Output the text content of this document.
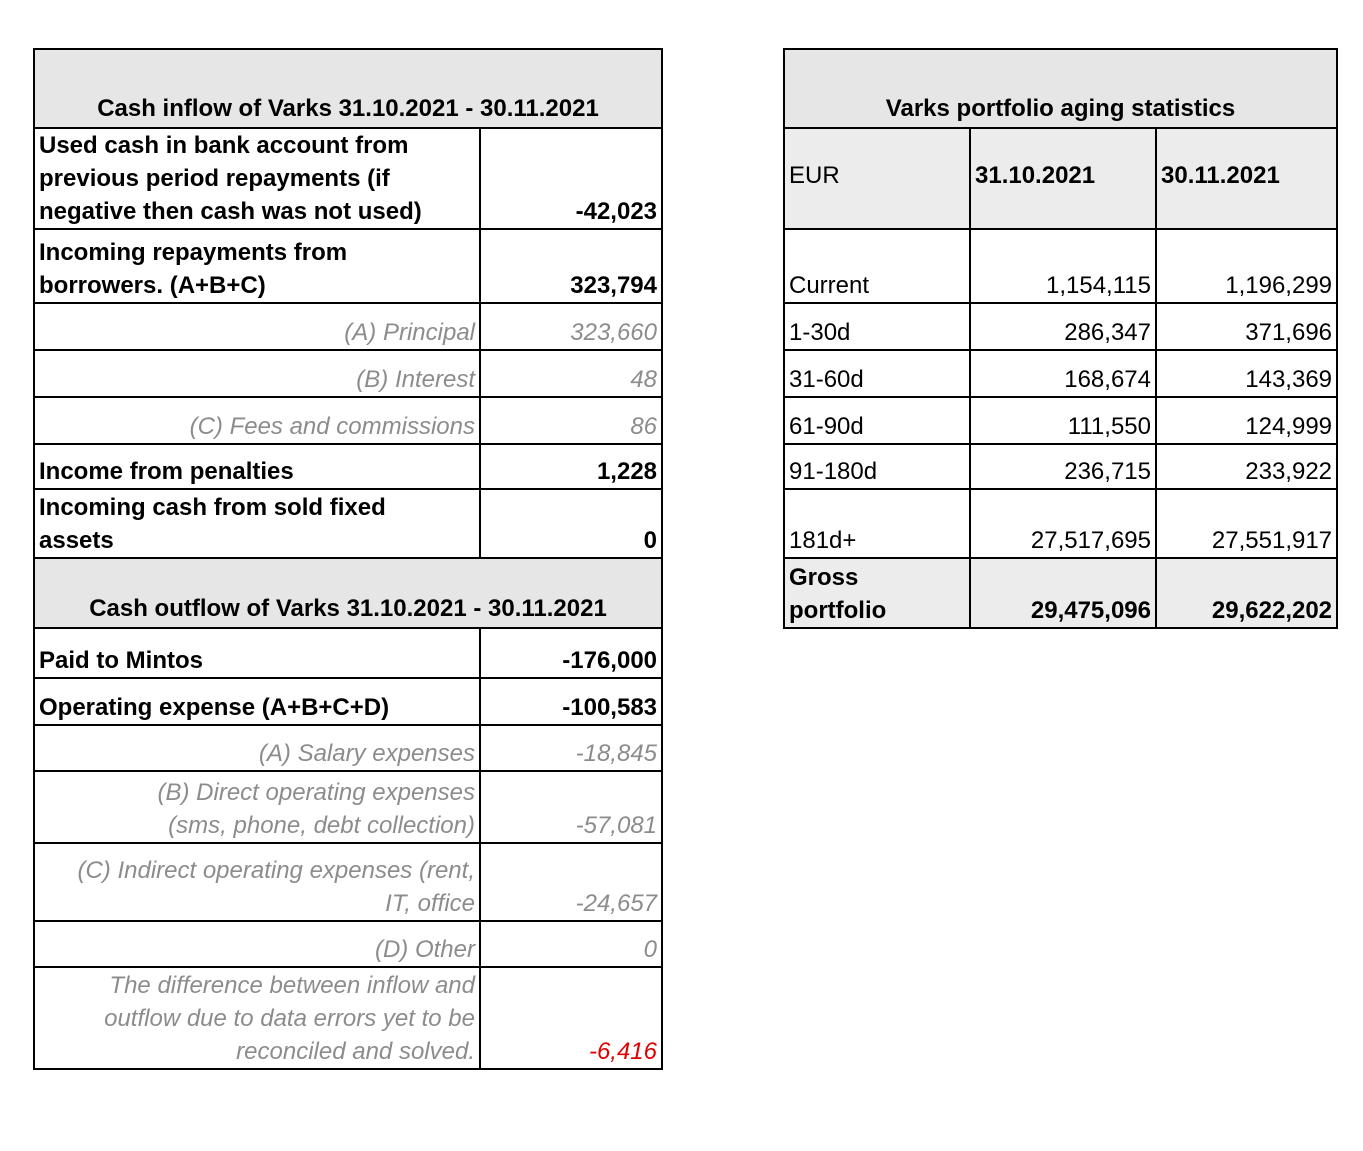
Cash inflow of Varks 31.10.2021 - 30.11.2021	
Used cash in bank account from
previous period repayments (if
negative then cash was not used)	-42,023
Incoming repayments from
borrowers. (A+B+C)	323,794
(A) Principal	323,660
(B) Interest	48
(C) Fees and commissions	86
Income from penalties	1,228
Incoming cash from sold fixed
assets	0
Cash outflow of Varks 31.10.2021 - 30.11.2021	
Paid to Mintos	-176,000
Operating expense (A+B+C+D)	-100,583
(A) Salary expenses	-18,845
(B) Direct operating expenses
(sms, phone, debt collection)	-57,081
(C) Indirect operating expenses (rent,
IT, office	-24,657
(D) Other	0
The difference between inflow and
outflow due to data errors yet to be
reconciled and solved.	-6,416
Varks portfolio aging statistics		
EUR	31.10.2021	30.11.2021
Current	1,154,115	1,196,299
1-30d	286,347	371,696
31-60d	168,674	143,369
61-90d	111,550	124,999
91-180d	236,715	233,922
181d+	27,517,695	27,551,917
Gross
portfolio	29,475,096	29,622,202
